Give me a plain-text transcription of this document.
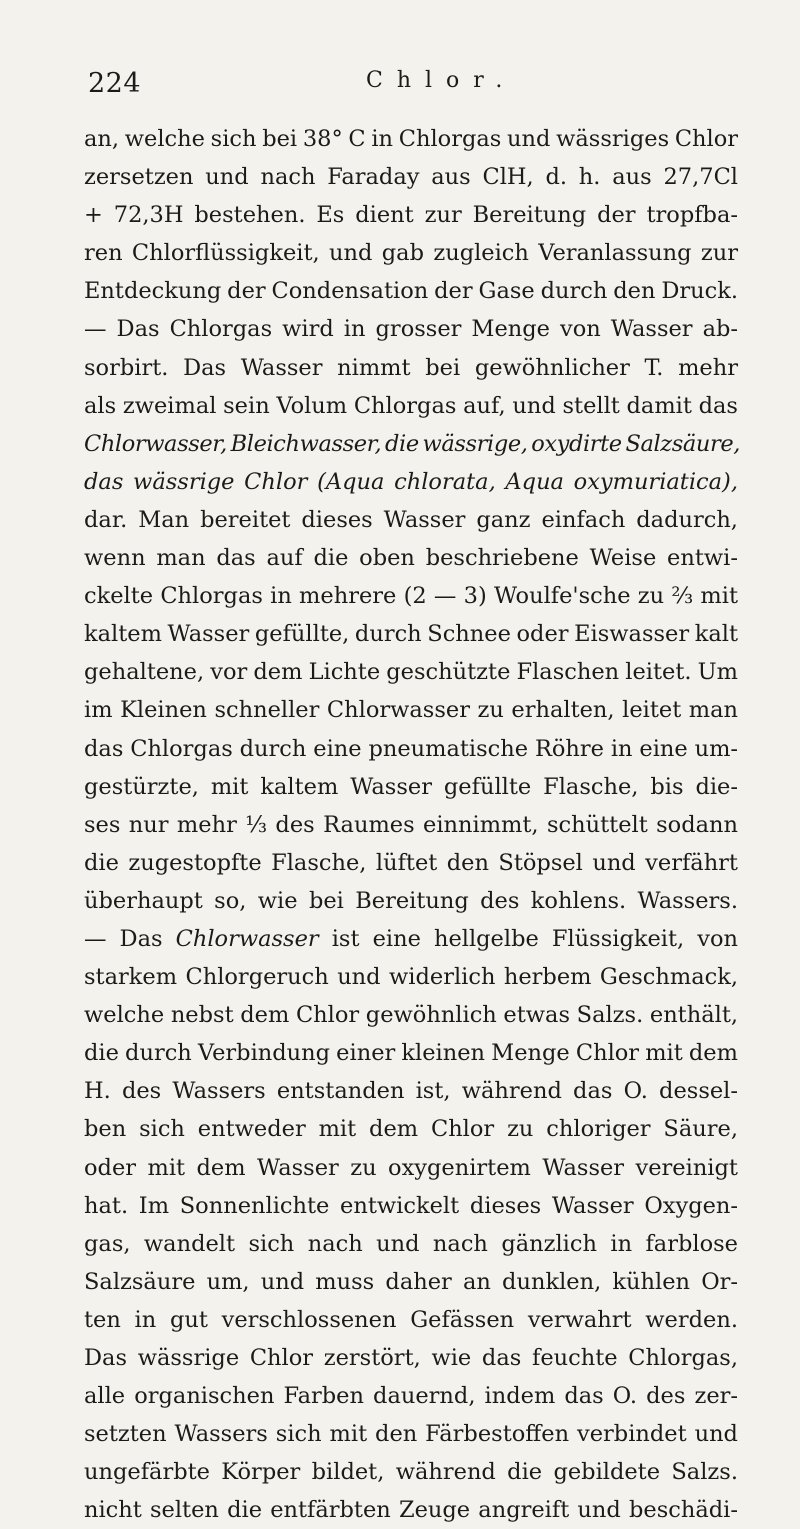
224	Chlor.
an, welche sich bei 38° C in Chlorgas und wässriges Chlor
zersetzen und nach Faraday aus ClH, d. h. aus 27,7Cl
+ 72,3H bestehen. Es dient zur Bereitung der tropfba-
ren Chlorflüssigkeit, und gab zugleich Veranlassung zur
Entdeckung der Condensation der Gase durch den Druck.
— Das Chlorgas wird in grosser Menge von Wasser ab-
sorbirt. Das Wasser nimmt bei gewöhnlicher T. mehr
als zweimal sein Volum Chlorgas auf, und stellt damit das
Chlorwasser, Bleichwasser, die wässrige, oxydirte Salzsäure,
das wässrige Chlor (Aqua chlorata, Aqua oxymuriatica),
dar. Man bereitet dieses Wasser ganz einfach dadurch,
wenn man das auf die oben beschriebene Weise entwi-
ckelte Chlorgas in mehrere (2 — 3) Woulfe'sche zu ⅔ mit
kaltem Wasser gefüllte, durch Schnee oder Eiswasser kalt
gehaltene, vor dem Lichte geschützte Flaschen leitet. Um
im Kleinen schneller Chlorwasser zu erhalten, leitet man
das Chlorgas durch eine pneumatische Röhre in eine um-
gestürzte, mit kaltem Wasser gefüllte Flasche, bis die-
ses nur mehr ⅓ des Raumes einnimmt, schüttelt sodann
die zugestopfte Flasche, lüftet den Stöpsel und verfährt
überhaupt so, wie bei Bereitung des kohlens. Wassers.
— Das Chlorwasser ist eine hellgelbe Flüssigkeit, von
starkem Chlorgeruch und widerlich herbem Geschmack,
welche nebst dem Chlor gewöhnlich etwas Salzs. enthält,
die durch Verbindung einer kleinen Menge Chlor mit dem
H. des Wassers entstanden ist, während das O. dessel-
ben sich entweder mit dem Chlor zu chloriger Säure,
oder mit dem Wasser zu oxygenirtem Wasser vereinigt
hat. Im Sonnenlichte entwickelt dieses Wasser Oxygen-
gas, wandelt sich nach und nach gänzlich in farblose
Salzsäure um, und muss daher an dunklen, kühlen Or-
ten in gut verschlossenen Gefässen verwahrt werden.
Das wässrige Chlor zerstört, wie das feuchte Chlorgas,
alle organischen Farben dauernd, indem das O. des zer-
setzten Wassers sich mit den Färbestoffen verbindet und
ungefärbte Körper bildet, während die gebildete Salzs.
nicht selten die entfärbten Zeuge angreift und beschädi-
